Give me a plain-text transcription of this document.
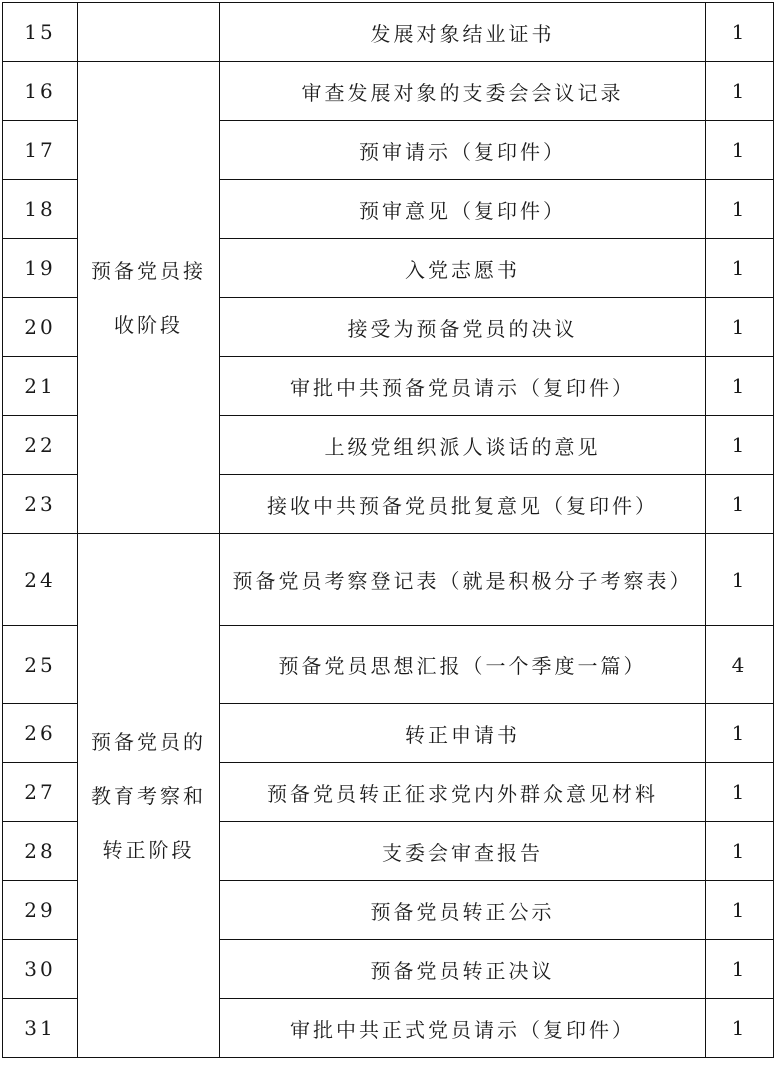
15		发展对象结业证书	1
16	预备党员接收阶段	审查发展对象的支委会会议记录	1
17		预审请示（复印件）	1
18		预审意见（复印件）	1
19		入党志愿书	1
20		接受为预备党员的决议	1
21		审批中共预备党员请示（复印件）	1
22		上级党组织派人谈话的意见	1
23		接收中共预备党员批复意见（复印件）	1
24	预备党员的教育考察和转正阶段	预备党员考察登记表（就是积极分子考察表）	1
25		预备党员思想汇报（一个季度一篇）	4
26		转正申请书	1
27		预备党员转正征求党内外群众意见材料	1
28		支委会审查报告	1
29		预备党员转正公示	1
30		预备党员转正决议	1
31		审批中共正式党员请示（复印件）	1
